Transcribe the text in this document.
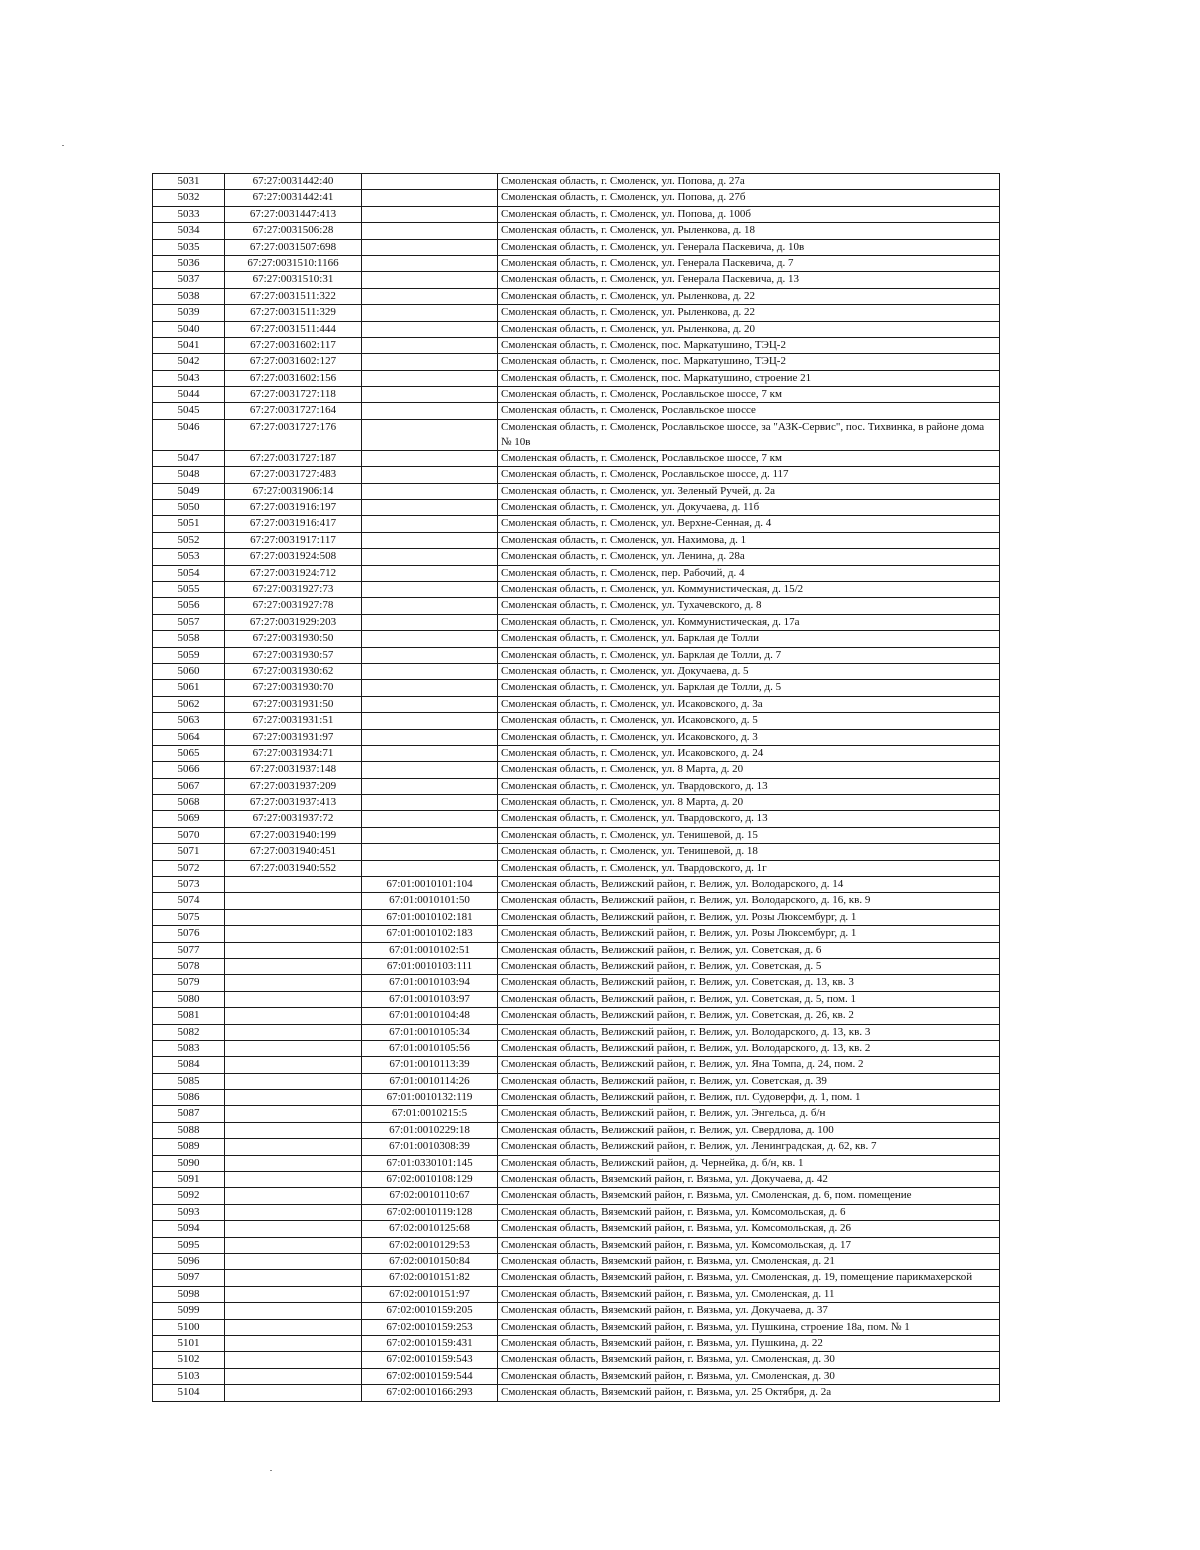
5031	67:27:0031442:40		Смоленская область, г. Смоленск, ул. Попова, д. 27а
5032	67:27:0031442:41		Смоленская область, г. Смоленск, ул. Попова, д. 27б
5033	67:27:0031447:413		Смоленская область, г. Смоленск, ул. Попова, д. 100б
5034	67:27:0031506:28		Смоленская область, г. Смоленск, ул. Рыленкова, д. 18
5035	67:27:0031507:698		Смоленская область, г. Смоленск, ул. Генерала Паскевича, д. 10в
5036	67:27:0031510:1166		Смоленская область, г. Смоленск, ул. Генерала Паскевича, д. 7
5037	67:27:0031510:31		Смоленская область, г. Смоленск, ул. Генерала Паскевича, д. 13
5038	67:27:0031511:322		Смоленская область, г. Смоленск, ул. Рыленкова, д. 22
5039	67:27:0031511:329		Смоленская область, г. Смоленск, ул. Рыленкова, д. 22
5040	67:27:0031511:444		Смоленская область, г. Смоленск, ул. Рыленкова, д. 20
5041	67:27:0031602:117		Смоленская область, г. Смоленск, пос. Маркатушино, ТЭЦ-2
5042	67:27:0031602:127		Смоленская область, г. Смоленск, пос. Маркатушино, ТЭЦ-2
5043	67:27:0031602:156		Смоленская область, г. Смоленск, пос. Маркатушино, строение 21
5044	67:27:0031727:118		Смоленская область, г. Смоленск, Рославльское шоссе, 7 км
5045	67:27:0031727:164		Смоленская область, г. Смоленск, Рославльское шоссе
5046	67:27:0031727:176		Смоленская область, г. Смоленск, Рославльское шоссе, за "АЗК-Сервис", пос. Тихвинка, в районе дома № 10в
5047	67:27:0031727:187		Смоленская область, г. Смоленск, Рославльское шоссе, 7 км
5048	67:27:0031727:483		Смоленская область, г. Смоленск, Рославльское шоссе, д. 117
5049	67:27:0031906:14		Смоленская область, г. Смоленск, ул. Зеленый Ручей, д. 2а
5050	67:27:0031916:197		Смоленская область, г. Смоленск, ул. Докучаева, д. 11б
5051	67:27:0031916:417		Смоленская область, г. Смоленск, ул. Верхне-Сенная, д. 4
5052	67:27:0031917:117		Смоленская область, г. Смоленск, ул. Нахимова, д. 1
5053	67:27:0031924:508		Смоленская область, г. Смоленск, ул. Ленина, д. 28а
5054	67:27:0031924:712		Смоленская область, г. Смоленск, пер. Рабочий, д. 4
5055	67:27:0031927:73		Смоленская область, г. Смоленск, ул. Коммунистическая, д. 15/2
5056	67:27:0031927:78		Смоленская область, г. Смоленск, ул. Тухачевского, д. 8
5057	67:27:0031929:203		Смоленская область, г. Смоленск, ул. Коммунистическая, д. 17а
5058	67:27:0031930:50		Смоленская область, г. Смоленск, ул. Барклая де Толли
5059	67:27:0031930:57		Смоленская область, г. Смоленск, ул. Барклая де Толли, д. 7
5060	67:27:0031930:62		Смоленская область, г. Смоленск, ул. Докучаева, д. 5
5061	67:27:0031930:70		Смоленская область, г. Смоленск, ул. Барклая де Толли, д. 5
5062	67:27:0031931:50		Смоленская область, г. Смоленск, ул. Исаковского, д. 3а
5063	67:27:0031931:51		Смоленская область, г. Смоленск, ул. Исаковского, д. 5
5064	67:27:0031931:97		Смоленская область, г. Смоленск, ул. Исаковского, д. 3
5065	67:27:0031934:71		Смоленская область, г. Смоленск, ул. Исаковского, д. 24
5066	67:27:0031937:148		Смоленская область, г. Смоленск, ул. 8 Марта, д. 20
5067	67:27:0031937:209		Смоленская область, г. Смоленск, ул. Твардовского, д. 13
5068	67:27:0031937:413		Смоленская область, г. Смоленск, ул. 8 Марта, д. 20
5069	67:27:0031937:72		Смоленская область, г. Смоленск, ул. Твардовского, д. 13
5070	67:27:0031940:199		Смоленская область, г. Смоленск, ул. Тенишевой, д. 15
5071	67:27:0031940:451		Смоленская область, г. Смоленск, ул. Тенишевой, д. 18
5072	67:27:0031940:552		Смоленская область, г. Смоленск, ул. Твардовского, д. 1г
5073		67:01:0010101:104	Смоленская область, Велижский район, г. Велиж, ул. Володарского, д. 14
5074		67:01:0010101:50	Смоленская область, Велижский район, г. Велиж, ул. Володарского, д. 16, кв. 9
5075		67:01:0010102:181	Смоленская область, Велижский район, г. Велиж, ул. Розы Люксембург, д. 1
5076		67:01:0010102:183	Смоленская область, Велижский район, г. Велиж, ул. Розы Люксембург, д. 1
5077		67:01:0010102:51	Смоленская область, Велижский район, г. Велиж, ул. Советская, д. 6
5078		67:01:0010103:111	Смоленская область, Велижский район, г. Велиж, ул. Советская, д. 5
5079		67:01:0010103:94	Смоленская область, Велижский район, г. Велиж, ул. Советская, д. 13, кв. 3
5080		67:01:0010103:97	Смоленская область, Велижский район, г. Велиж, ул. Советская, д. 5, пом. 1
5081		67:01:0010104:48	Смоленская область, Велижский район, г. Велиж, ул. Советская, д. 26, кв. 2
5082		67:01:0010105:34	Смоленская область, Велижский район, г. Велиж, ул. Володарского, д. 13, кв. 3
5083		67:01:0010105:56	Смоленская область, Велижский район, г. Велиж, ул. Володарского, д. 13, кв. 2
5084		67:01:0010113:39	Смоленская область, Велижский район, г. Велиж, ул. Яна Томпа, д. 24, пом. 2
5085		67:01:0010114:26	Смоленская область, Велижский район, г. Велиж, ул. Советская, д. 39
5086		67:01:0010132:119	Смоленская область, Велижский район, г. Велиж, пл. Судоверфи, д. 1, пом. 1
5087		67:01:0010215:5	Смоленская область, Велижский район, г. Велиж, ул. Энгельса, д. б/н
5088		67:01:0010229:18	Смоленская область, Велижский район, г. Велиж, ул. Свердлова, д. 100
5089		67:01:0010308:39	Смоленская область, Велижский район, г. Велиж, ул. Ленинградская, д. 62, кв. 7
5090		67:01:0330101:145	Смоленская область, Велижский район, д. Чернейка, д. б/н, кв. 1
5091		67:02:0010108:129	Смоленская область, Вяземский район, г. Вязьма, ул. Докучаева, д. 42
5092		67:02:0010110:67	Смоленская область, Вяземский район, г. Вязьма, ул. Смоленская, д. 6, пом. помещение
5093		67:02:0010119:128	Смоленская область, Вяземский район, г. Вязьма, ул. Комсомольская, д. 6
5094		67:02:0010125:68	Смоленская область, Вяземский район, г. Вязьма, ул. Комсомольская, д. 26
5095		67:02:0010129:53	Смоленская область, Вяземский район, г. Вязьма, ул. Комсомольская, д. 17
5096		67:02:0010150:84	Смоленская область, Вяземский район, г. Вязьма, ул. Смоленская, д. 21
5097		67:02:0010151:82	Смоленская область, Вяземский район, г. Вязьма, ул. Смоленская, д. 19, помещение парикмахерской
5098		67:02:0010151:97	Смоленская область, Вяземский район, г. Вязьма, ул. Смоленская, д. 11
5099		67:02:0010159:205	Смоленская область, Вяземский район, г. Вязьма, ул. Докучаева, д. 37
5100		67:02:0010159:253	Смоленская область, Вяземский район, г. Вязьма, ул. Пушкина, строение 18а, пом. № 1
5101		67:02:0010159:431	Смоленская область, Вяземский район, г. Вязьма, ул. Пушкина, д. 22
5102		67:02:0010159:543	Смоленская область, Вяземский район, г. Вязьма, ул. Смоленская, д. 30
5103		67:02:0010159:544	Смоленская область, Вяземский район, г. Вязьма, ул. Смоленская, д. 30
5104		67:02:0010166:293	Смоленская область, Вяземский район, г. Вязьма, ул. 25 Октября, д. 2а
